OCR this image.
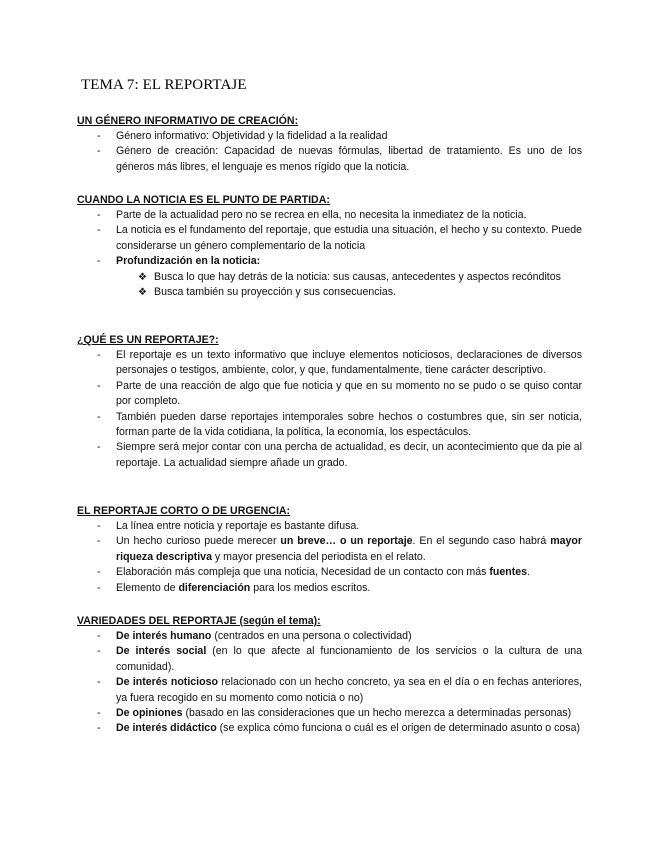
TEMA 7: EL REPORTAJE
UN GÉNERO INFORMATIVO DE CREACIÓN:
- Género informativo: Objetividad y la fidelidad a la realidad
- Género de creación: Capacidad de nuevas fórmulas, libertad de tratamiento. Es uno de los géneros más libres, el lenguaje es menos rígido que la noticia.
CUANDO LA NOTICIA ES EL PUNTO DE PARTIDA:
- Parte de la actualidad pero no se recrea en ella, no necesita la inmediatez de la noticia.
- La noticia es el fundamento del reportaje, que estudia una situación, el hecho y su contexto. Puede considerarse un género complementario de la noticia
- Profundización en la noticia:
❖ Busca lo que hay detrás de la noticia: sus causas, antecedentes y aspectos recónditos
❖ Busca también su proyección y sus consecuencias.
¿QUÉ ES UN REPORTAJE?:
- El reportaje es un texto informativo que incluye elementos noticiosos, declaraciones de diversos personajes o testigos, ambiente, color, y que, fundamentalmente, tiene carácter descriptivo.
- Parte de una reacción de algo que fue noticia y que en su momento no se pudo o se quiso contar por completo.
- También pueden darse reportajes intemporales sobre hechos o costumbres que, sin ser noticia, forman parte de la vida cotidiana, la política, la economía, los espectáculos.
- Siempre será mejor contar con una percha de actualidad, es decir, un acontecimiento que da pie al reportaje. La actualidad siempre añade un grado.
EL REPORTAJE CORTO O DE URGENCIA:
- La línea entre noticia y reportaje es bastante difusa.
- Un hecho curioso puede merecer un breve… o un reportaje. En el segundo caso habrá mayor riqueza descriptiva y mayor presencia del periodista en el relato.
- Elaboración más compleja que una noticia, Necesidad de un contacto con más fuentes.
- Elemento de diferenciación para los medios escritos.
VARIEDADES DEL REPORTAJE (según el tema):
- De interés humano (centrados en una persona o colectividad)
- De interés social (en lo que afecte al funcionamiento de los servicios o la cultura de una comunidad).
- De interés noticioso relacionado con un hecho concreto, ya sea en el día o en fechas anteriores, ya fuera recogido en su momento como noticia o no)
- De opiniones (basado en las consideraciones que un hecho merezca a determinadas personas)
- De interés didáctico (se explica cómo funciona o cuál es el origen de determinado asunto o cosa)
